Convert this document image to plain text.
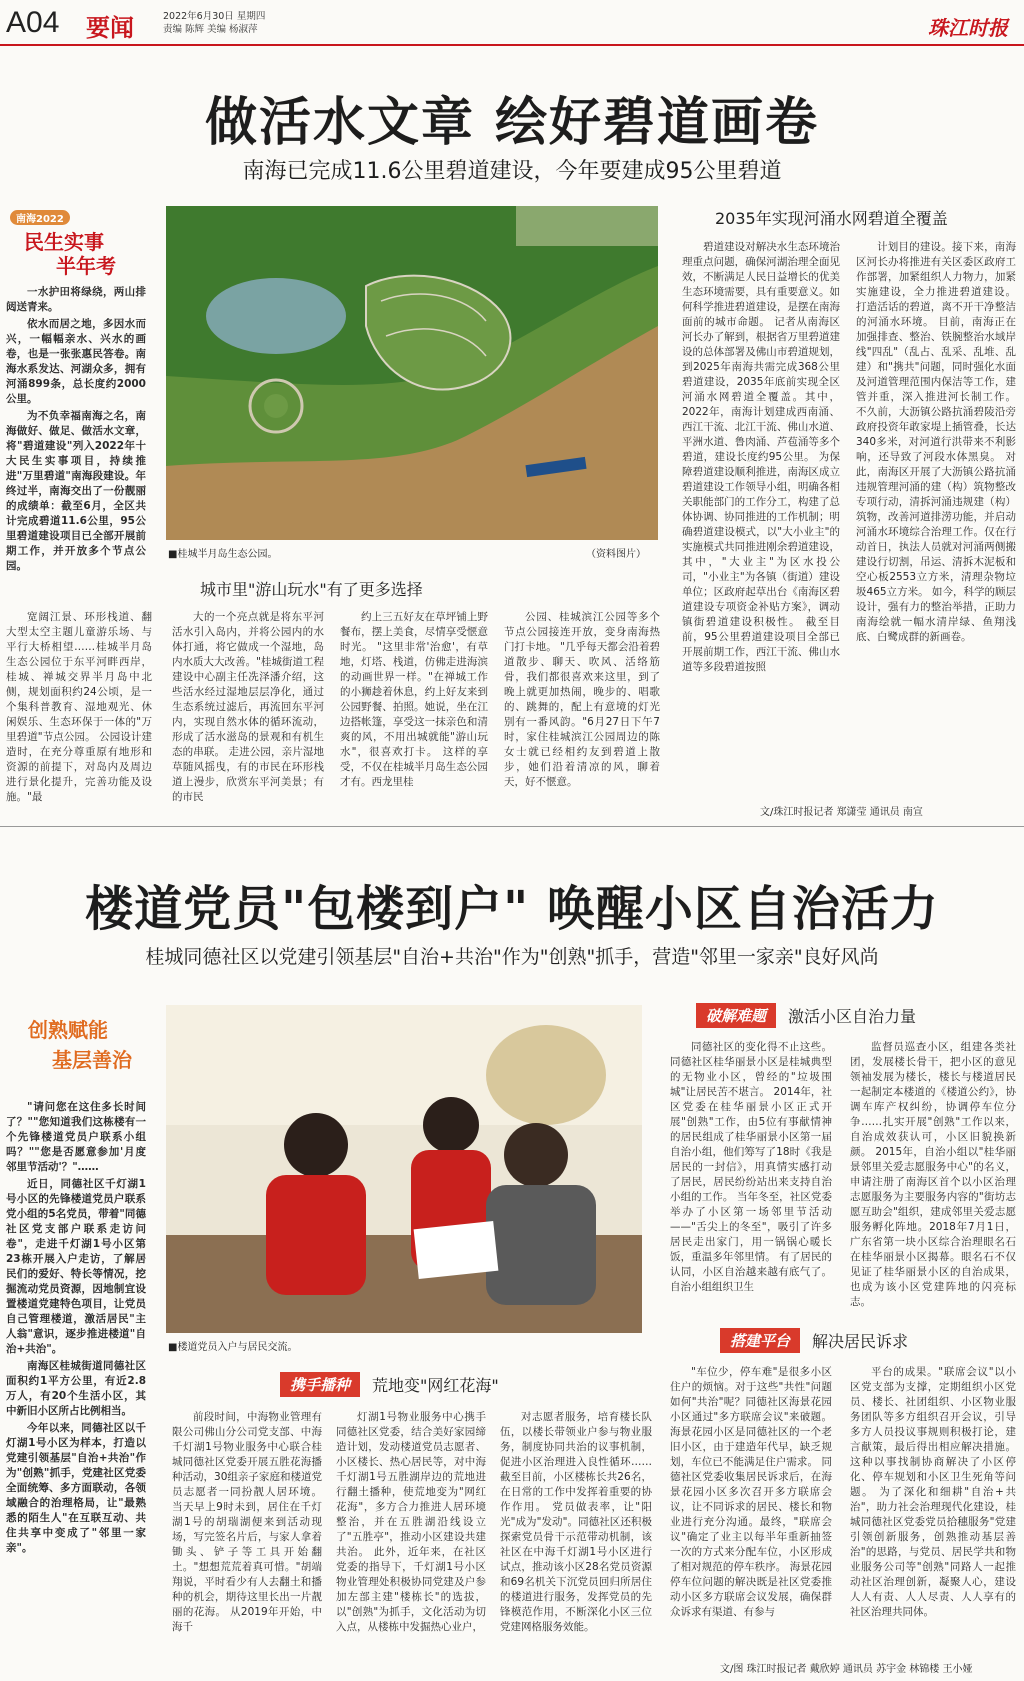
A04 要闻	2022年6月30日 星期四
责编 陈辉 美编 杨淑萍	珠江时报
做活水文章 绘好碧道画卷
南海已完成11.6公里碧道建设，今年要建成95公里碧道
南海2022
民生实事
半年考

一水护田将绿绕，两山排闼送青来。

依水而居之地，多因水而兴，一幅幅亲水、兴水的画卷，也是一张张惠民答卷。南海水系发达、河湖众多，拥有河涌899条，总长度约2000公里。

为不负幸福南海之名，南海做好、做足、做活水文章，将"碧道建设"列入2022年十大民生实事项目，持续推进"万里碧道"南海段建设。年终过半，南海交出了一份靓丽的成绩单：截至6月，全区共计完成碧道11.6公里，95公里碧道建设项目已全部开展前期工作，并开放多个节点公园。

■桂城半月岛生态公园。	（资料图片）
城市里"游山玩水"有了更多选择

宽阔江景、环形栈道、翻大型太空主题儿童游乐场、与平行大桥相望……桂城半月岛生态公园位于东平河畔西岸，桂城、禅城交界半月岛中北侧，规划面积约24公顷，是一个集科普教育、湿地观光、休闲娱乐、生态环保于一体的"万里碧道"节点公园。 公园设计建造时，在充分尊重原有地形和资源的前提下，对岛内及周边进行景化提升，完善功能及设施。"最

大的一个亮点就是将东平河活水引入岛内，并将公园内的水体打通，将它做成一个湿地，岛内水质大大改善。"桂城街道工程建设中心副主任冼泽潘介绍，这些活水经过湿地层层净化，通过生态系统过滤后，再流回东平河内，实现自然水体的循环流动，形成了活水滋岛的景观和有机生态的串联。 走进公园，亲片湿地草随风摇曳，有的市民在环形栈道上漫步，欣赏东平河美景；有的市民

约上三五好友在草坪铺上野餐布，摆上美食，尽情享受惬意时光。 "这里非常'治愈'，有草地，灯塔、栈道，仿佛走进海滨的动画世界一样。"在禅城工作的小狮趁着休息，约上好友来到公园野餐、拍照。她说，坐在江边搭帐篷，享受这一抹亲色和清爽的风，不用出城就能"游山玩水"，很喜欢打卡。 这样的享受，不仅在桂城半月岛生态公园才有。西龙里桂

公园、桂城滨江公园等多个节点公园接连开放，变身南海热门打卡地。 "几乎每天都会沿着碧道散步、聊天、吹风、活络筋骨，我们都很喜欢来这里，到了晚上就更加热闹，晚步的、唱歌的、跳舞的，配上有意境的灯光别有一番风韵。"6月27日下午7时，家住桂城滨江公园周边的陈女士就已经相约友到碧道上散步，她们沿着清凉的风，聊着天，好不惬意。

2035年实现河涌水网碧道全覆盖

碧道建设对解决水生态环境治理重点问题，确保河湖治理全面见效，不断满足人民日益增长的优美生态环境需要，具有重要意义。如何科学推进碧道建设，是摆在南海面前的城市命题。 记者从南海区河长办了解到，根据省万里碧道建设的总体部署及佛山市碧道规划，到2025年南海共需完成368公里碧道建设，2035年底前实现全区河涌水网碧道全覆盖。其中，2022年，南海计划建成西南涌、西江干流、北江干流、佛山水道、平洲水道、鲁肉涌、芦苞涌等多个碧道，建设长度约95公里。 为保障碧道建设顺利推进，南海区成立碧道建设工作领导小组，明确各相关职能部门的工作分工，构建了总体协调、协同推进的工作机制；明确碧道建设模式，以"大小业主"的实施模式共同推进刚余碧道建设，其中，"大业主"为区水投公司，"小业主"为各镇（街道）建设单位；区政府起草出台《南海区碧道建设专项资金补贴方案》，调动镇街碧道建设积极性。 截至目前，95公里碧道建设项目全部已开展前期工作，西江干流、佛山水道等多段碧道按照

计划目的建设。接下来，南海区河长办将推进有关区委区政府工作部署，加紧组织人力物力，加紧实施建设，全力推进碧道建设。 打造活话的碧道，离不开干净整洁的河涌水环境。 目前，南海正在加强排查、整治、铁腕整治水域岸线"四乱"（乱占、乱采、乱堆、乱建）和"携共"问题，同时强化水面及河道管理范围内保洁等工作，建管并重，深入推进河长制工作。 不久前，大沥镇公路抗涌碧陵沿旁政府投资年敢家堤上插管叠，长达340多米，对河道行洪带来不利影响，还导致了河段水体黑臭。 对此，南海区开展了大沥镇公路抗涌违规管理河涌的建（构）筑物整改专项行动，清拆河涌违规建（构）筑物，改善河道排涝功能，并启动河涌水环境综合治理工作。仅在行动首日，执法人员就对河涌两侧搬建设行切割，吊运、清拆木泥板和空心板2553立方米，清理杂物垃圾465立方米。 如今，科学的顾层设计，强有力的整治举措，正助力南海绘就一幅水清岸绿、鱼翔浅底、白鹭成群的新画卷。

文/珠江时报记者 郑潇莹 通讯员 南宣
楼道党员"包楼到户" 唤醒小区自治活力
桂城同德社区以党建引领基层"自治+共治"作为"创熟"抓手，营造"邻里一家亲"良好风尚
创熟赋能
基层善治

"请问您在这住多长时间了？""您知道我们这栋楼有一个先锋楼道党员户联系小组吗？""您是否愿意参加'月度邻里节活动'？"……

近日，同德社区千灯湖1号小区的先锋楼道党员户联系党小组的5名党员，带着"同德社区党支部户联系走访问卷"，走进千灯湖1号小区第23栋开展入户走访，了解居民们的爱好、特长等情况，挖掘流动党员资源，因地制宜设置楼道党建特色项目，让党员自己管理楼道，激活居民"主人翁"意识，逐步推进楼道"自治+共治"。

南海区桂城街道同德社区面积约1平方公里，有近2.8万人，有20个生活小区，其中新旧小区所占比例相当。

今年以来，同德社区以千灯湖1号小区为样本，打造以党建引领基层"自治+共治"作为"创熟"抓手，党建社区党委全面统筹、多方面联动，各领域融合的治理格局，让"最熟悉的陌生人"在互联互动、共住共享中变成了"邻里一家亲"。

■楼道党员入户与居民交流。
携手播种	荒地变"网红花海"

前段时间，中海物业管理有限公司佛山分公司党支部、中海千灯湖1号物业服务中心联合桂城同德社区党委开展五胜花海播种活动，30组亲子家庭和楼道党员志愿者一同扮靓人居环境。 当天早上9时未到，居住在千灯湖1号的胡瑞湖便来到活动现场，写完签名片后，与家人拿着锄头、铲子等工具开始翻土。"想想荒荒着真可惜。"胡端翔说，平时看少有人去翻土和播种的机会，期待这里长出一片靓丽的花海。 从2019年开始，中海千

灯湖1号物业服务中心携手同德社区党委，结合美好家园缔造计划，发动楼道党员志愿者、小区楼长、热心居民等，对中海千灯湖1号五胜湖岸边的荒地进行翻土播种，使荒地变为"网红花海"，多方合力推进人居环境整治，并在五胜湖沿线设立了"五胜亭"，推动小区建设共建共治。 此外，近年来，在社区党委的指导下，千灯湖1号小区物业管理处积极协同党建及户参加左部主建"楼栋长"的选拔，以"创熟"为抓手，文化活动为切入点，从楼栋中发掘热心业户，

对志愿者服务，培育楼长队伍，以楼长带领业户参与物业服务，制度协同共治的议事机制，促进小区治理进入良性循环……截至目前，小区楼栋长共26名，在日常的工作中发挥着重要的协作作用。 党员做表率，让"阳光"成为"发动"。同德社区还积极探索党员骨干示范带动机制，该社区在中海千灯湖1号小区进行试点，推动该小区28名党员资源和69名机关下沉党员回归所居住的楼道进行服务，发挥党员的先锋模范作用，不断深化小区三位党建网格服务效能。

破解难题	激活小区自治力量

同德社区的变化得不止这些。同德社区桂华丽景小区是桂城典型的无物业小区，曾经的"垃圾围城"让居民苦不堪言。 2014年，社区党委在桂华丽景小区正式开展"创熟"工作，由5位有事献情神的居民组成了桂华丽景小区第一届自治小组，他们筹写了18时《我是居民的一封信》，用真情实感打动了居民，居民纷纷站出来支持自治小组的工作。 当年冬至，社区党委举办了小区第一场邻里节活动——"舌尖上的冬至"，吸引了许多居民走出家门，用一锅锅心暖长饭，重温多年邻里情。 有了居民的认同，小区自治越来越有底气了。自治小组组织卫生

监督员巡查小区，组建各类社团，发展楼长骨干，把小区的意见领袖发展为楼长，楼长与楼道居民一起制定本楼道的《楼道公约》，协调车库产权纠纷，协调停车位分争……扎实开展"创熟"工作以来，自治成效获认可，小区旧貌换新颜。 2015年，自治小组以"桂华丽景邻里关爱志愿服务中心"的名义，申请注册了南海区首个以小区治理志愿服务为主要服务内容的"街坊志愿互助会"组织，建成邻里关爱志愿服务孵化阵地。2018年7月1日，广东省第一块小区综合治理眼名石在桂华丽景小区揭幕。眼名石不仅见证了桂华丽景小区的自治成果，也成为该小区党建阵地的闪亮标志。

搭建平台	解决居民诉求

"车位少，停车难"是很多小区住户的烦恼。对于这些"共性"问题如何"共治"呢？同德社区海景花园小区通过"多方联席会议"来破题。 海景花园小区是同德社区的一个老旧小区，由于建造年代早，缺乏规划，车位已不能满足住户需求。 同德社区党委收集居民诉求后，在海景花园小区多次召开多方联席会议，让不同诉求的居民、楼长和物业进行充分沟通。最终，"联席会议"确定了业主以每半年重新抽签一次的方式来分配车位，小区形成了相对规范的停车秩序。 海景花园停车位问题的解决既是社区党委推动小区多方联席会议发展，确保群众诉求有渠道、有参与

平台的成果。"联席会议"以小区党支部为支撑，定期组织小区党员、楼长、社团组织、小区物业服务团队等多方组织召开会议，引导多方人员投议事规则积极打论，建言献策，最后得出相应解决措施。这种以事找制协商解决了小区停化、停车规划和小区卫生死角等问题。 为了深化和细耕"自治+共治"，助力社会治理现代化建设，桂城同德社区党委党员拾穗服务"党建引领创新服务，创熟推动基层善治"的思路，与党员、居民学共和物业服务公司等"创熟"同路人一起推动社区治理创新，凝聚人心，建设人人有责、人人尽责、人人享有的社区治理共同体。

文/图 珠江时报记者 戴欣婷 通讯员 苏宇金 林锦楼 王小娅
